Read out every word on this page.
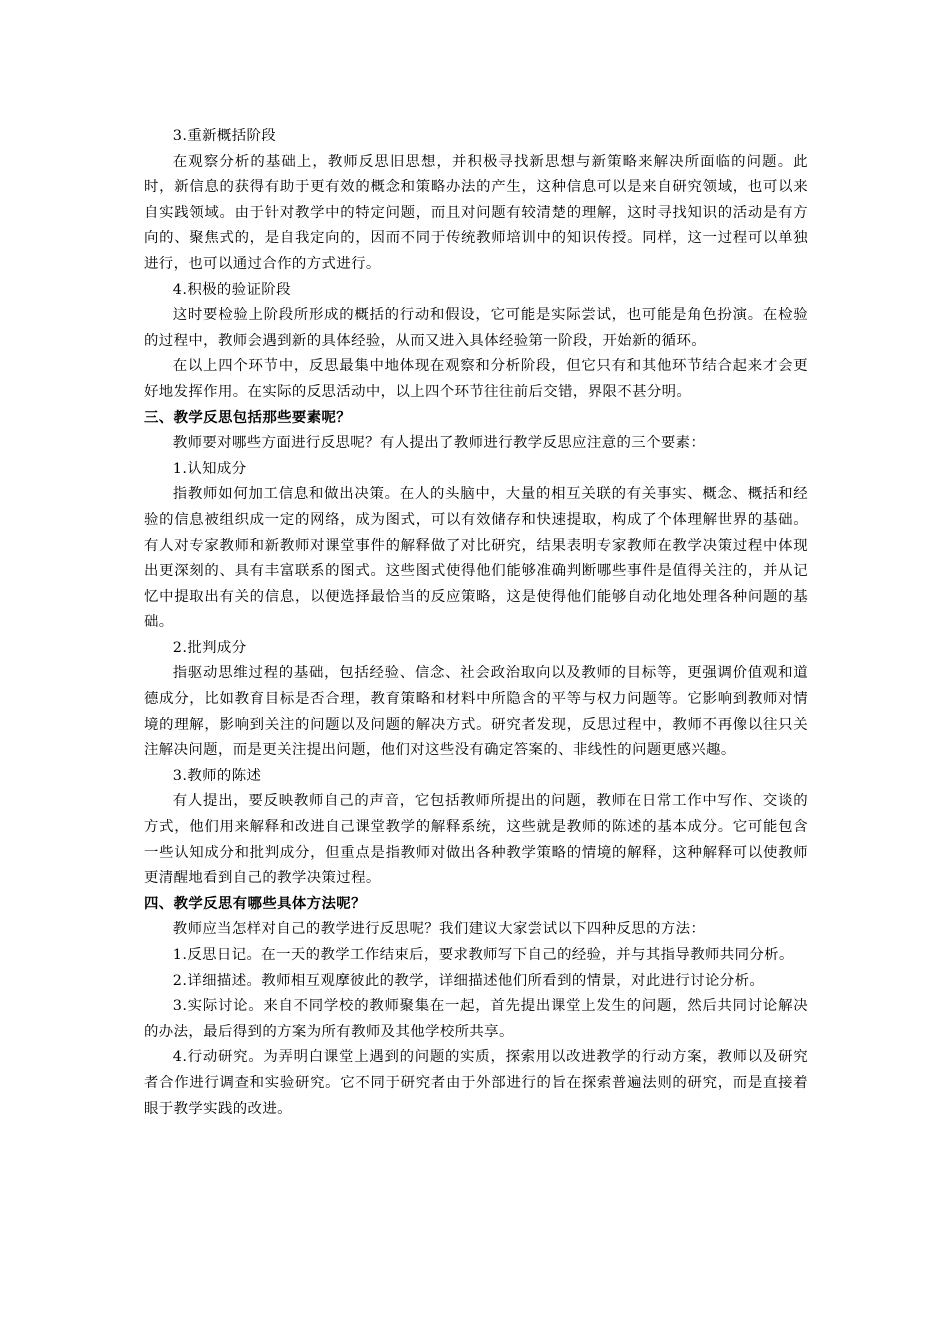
3.重新概括阶段

在观察分析的基础上，教师反思旧思想，并积极寻找新思想与新策略来解决所面临的问题。此时，新信息的获得有助于更有效的概念和策略办法的产生，这种信息可以是来自研究领域，也可以来自实践领域。由于针对教学中的特定问题，而且对问题有较清楚的理解，这时寻找知识的活动是有方向的、聚焦式的，是自我定向的，因而不同于传统教师培训中的知识传授。同样，这一过程可以单独进行，也可以通过合作的方式进行。

4.积极的验证阶段

这时要检验上阶段所形成的概括的行动和假设，它可能是实际尝试，也可能是角色扮演。在检验的过程中，教师会遇到新的具体经验，从而又进入具体经验第一阶段，开始新的循环。

在以上四个环节中，反思最集中地体现在观察和分析阶段，但它只有和其他环节结合起来才会更好地发挥作用。在实际的反思活动中，以上四个环节往往前后交错，界限不甚分明。

三、教学反思包括那些要素呢？

教师要对哪些方面进行反思呢？有人提出了教师进行教学反思应注意的三个要素：

1.认知成分

指教师如何加工信息和做出决策。在人的头脑中，大量的相互关联的有关事实、概念、概括和经验的信息被组织成一定的网络，成为图式，可以有效储存和快速提取，构成了个体理解世界的基础。有人对专家教师和新教师对课堂事件的解释做了对比研究，结果表明专家教师在教学决策过程中体现出更深刻的、具有丰富联系的图式。这些图式使得他们能够准确判断哪些事件是值得关注的，并从记忆中提取出有关的信息，以便选择最恰当的反应策略，这是使得他们能够自动化地处理各种问题的基础。

2.批判成分

指驱动思维过程的基础，包括经验、信念、社会政治取向以及教师的目标等，更强调价值观和道德成分，比如教育目标是否合理，教育策略和材料中所隐含的平等与权力问题等。它影响到教师对情境的理解，影响到关注的问题以及问题的解决方式。研究者发现，反思过程中，教师不再像以往只关注解决问题，而是更关注提出问题，他们对这些没有确定答案的、非线性的问题更感兴趣。

3.教师的陈述

有人提出，要反映教师自己的声音，它包括教师所提出的问题，教师在日常工作中写作、交谈的方式，他们用来解释和改进自己课堂教学的解释系统，这些就是教师的陈述的基本成分。它可能包含一些认知成分和批判成分，但重点是指教师对做出各种教学策略的情境的解释，这种解释可以使教师更清醒地看到自己的教学决策过程。

四、教学反思有哪些具体方法呢？

教师应当怎样对自己的教学进行反思呢？我们建议大家尝试以下四种反思的方法：

1.反思日记。在一天的教学工作结束后，要求教师写下自己的经验，并与其指导教师共同分析。

2.详细描述。教师相互观摩彼此的教学，详细描述他们所看到的情景，对此进行讨论分析。

3.实际讨论。来自不同学校的教师聚集在一起，首先提出课堂上发生的问题，然后共同讨论解决的办法，最后得到的方案为所有教师及其他学校所共享。

4.行动研究。为弄明白课堂上遇到的问题的实质，探索用以改进教学的行动方案，教师以及研究者合作进行调查和实验研究。它不同于研究者由于外部进行的旨在探索普遍法则的研究，而是直接着眼于教学实践的改进。
